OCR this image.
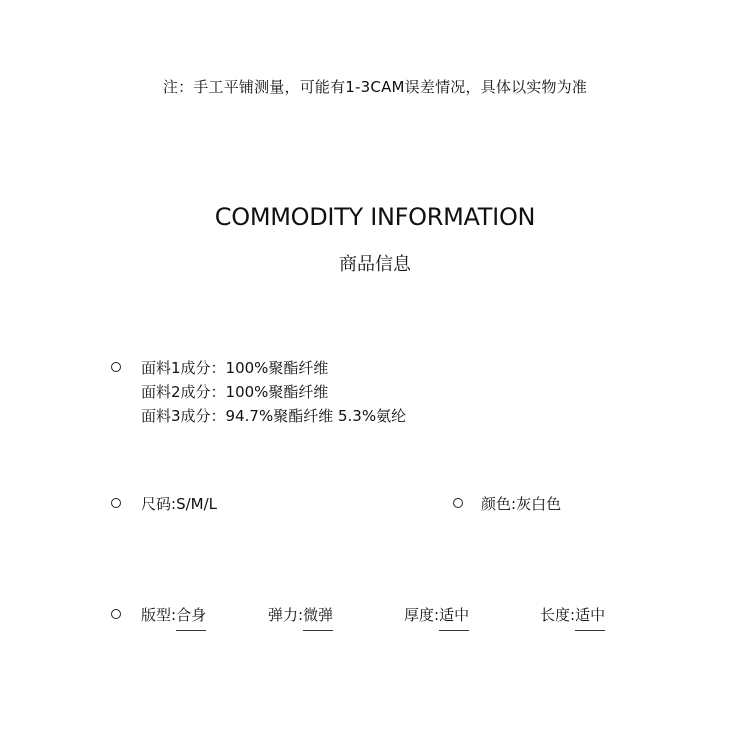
注：手工平铺测量，可能有1-3CAM误差情况，具体以实物为准
COMMODITY INFORMATION
商品信息
面料1成分：100%聚酯纤维
面料2成分：100%聚酯纤维
面料3成分：94.7%聚酯纤维 5.3%氨纶
尺码:S/M/L	颜色:灰白色
版型:合身	弹力:微弹	厚度:适中	长度:适中
